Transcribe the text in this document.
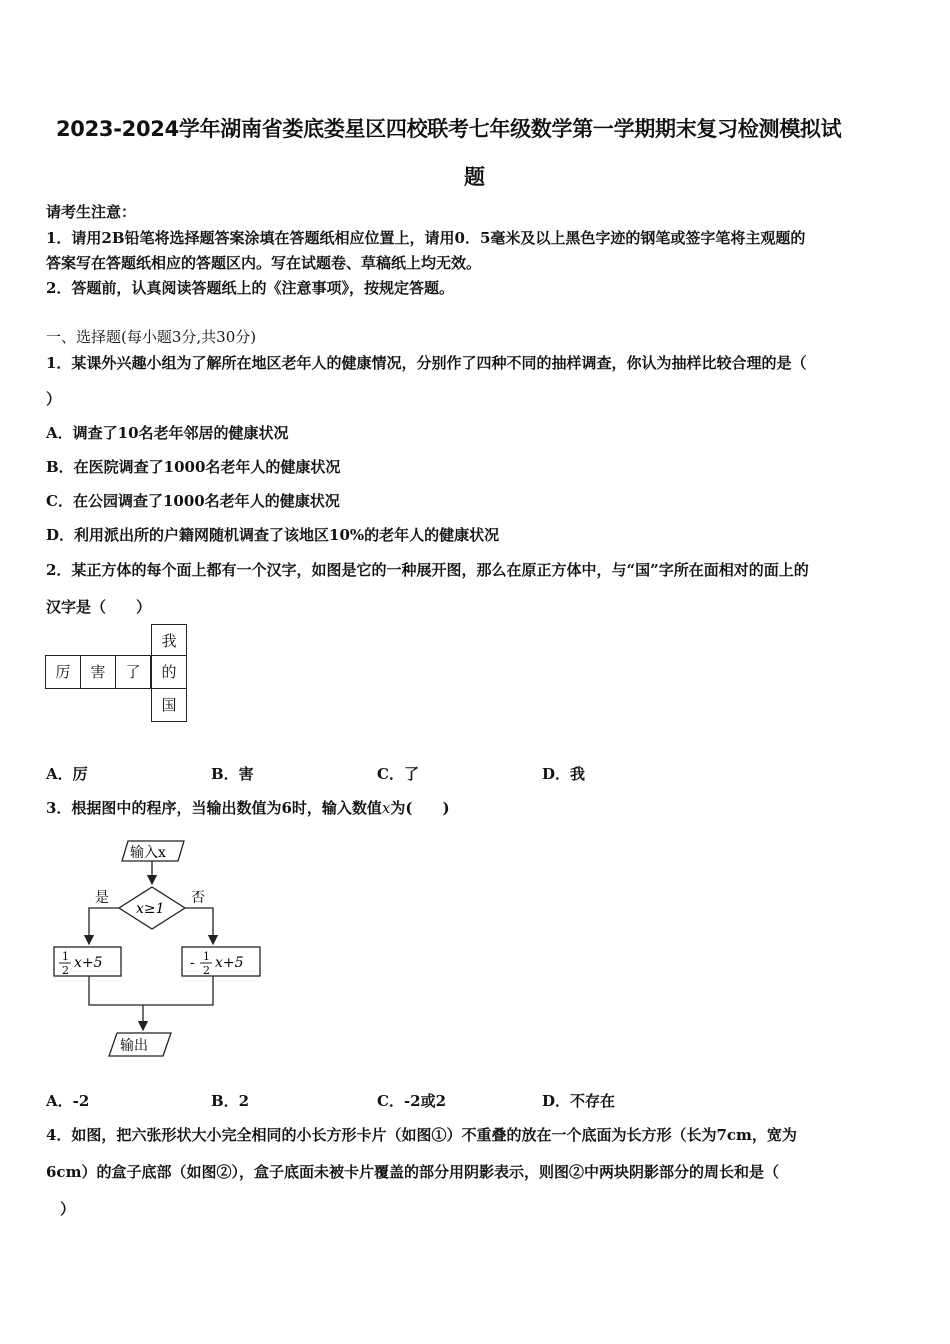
2023-2024学年湖南省娄底娄星区四校联考七年级数学第一学期期末复习检测模拟试
题
请考生注意：
1．请用2B铅笔将选择题答案涂填在答题纸相应位置上，请用0．5毫米及以上黑色字迹的钢笔或签字笔将主观题的
答案写在答题纸相应的答题区内。写在试题卷、草稿纸上均无效。
2．答题前，认真阅读答题纸上的《注意事项》，按规定答题。
一、选择题(每小题3分,共30分)
1．某课外兴趣小组为了解所在地区老年人的健康情况，分别作了四种不同的抽样调查，你认为抽样比较合理的是（
）
A．调查了10名老年邻居的健康状况
B．在医院调查了1000名老年人的健康状况
C．在公园调查了1000名老年人的健康状况
D．利用派出所的户籍网随机调查了该地区10%的老年人的健康状况
2．某正方体的每个面上都有一个汉字，如图是它的一种展开图，那么在原正方体中，与“国”字所在面相对的面上的
汉字是（　　）
厉	害	了
我
的
国
A．厉	B．害	C．了	D．我
3．根据图中的程序，当输出数值为6时，输入数值x为(　　)
输入x
x≥1
是	否
1
2 x+5	- 1
2 x+5
输出
A．-2	B．2	C．-2或2	D．不存在
4．如图，把六张形状大小完全相同的小长方形卡片（如图①）不重叠的放在一个底面为长方形（长为7cm，宽为
6cm）的盒子底部（如图②），盒子底面未被卡片覆盖的部分用阴影表示，则图②中两块阴影部分的周长和是（
）
